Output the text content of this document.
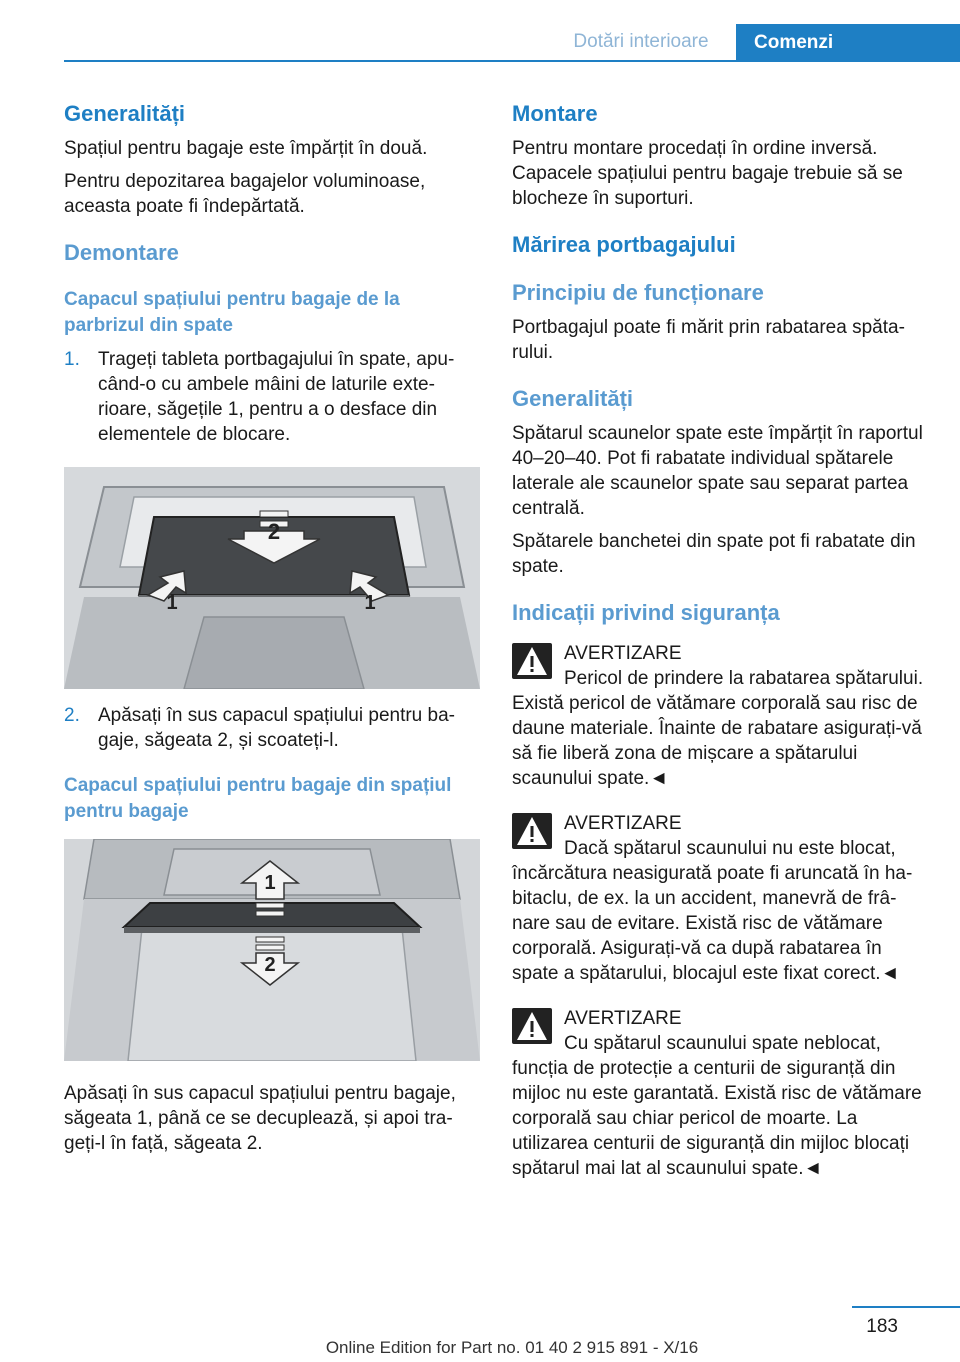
Dotări interioare	Comenzi
Generalități

Spațiul pentru bagaje este împărțit în două.

Pentru depozitarea bagajelor voluminoase, aceasta poate fi îndepărtată.

Demontare
Capacul spațiului pentru bagaje de la parbrizul din spate
1. Trageți tableta portbagajului în spate, apucând-o cu ambele mâini de laturile exterioare, săgețile 1, pentru a o desface din elementele de blocare.
2
1	1
2. Apăsați în sus capacul spațiului pentru bagaje, săgeata 2, și scoateți-l.
Capacul spațiului pentru bagaje din spațiul pentru bagaje
1
2

Apăsați în sus capacul spațiului pentru bagaje, săgeata 1, până ce se decuplează, și apoi trageți-l în față, săgeata 2.

Montare

Pentru montare procedați în ordine inversă. Capacele spațiului pentru bagaje trebuie să se blocheze în suporturi.

Mărirea portbagajului
Principiu de funcționare

Portbagajul poate fi mărit prin rabatarea spătarului.

Generalități

Spătarul scaunelor spate este împărțit în raportul 40–20–40. Pot fi rabatate individual spătarele laterale ale scaunelor spate sau separat partea centrală.

Spătarele banchetei din spate pot fi rabatate din spate.

Indicații privind siguranța
AVERTIZARE
Pericol de prindere la rabatarea spătarului. Există pericol de vătămare corporală sau risc de daune materiale. Înainte de rabatare asigurați-vă să fie liberă zona de mișcare a spătarului scaunului spate.◄
AVERTIZARE
Dacă spătarul scaunului nu este blocat, încărcătura neasigurată poate fi aruncată în habitaclu, de ex. la un accident, manevră de frânare sau de evitare. Există risc de vătămare corporală. Asigurați-vă ca după rabatarea în spate a spătarului, blocajul este fixat corect.◄
AVERTIZARE
Cu spătarul scaunului spate neblocat, funcția de protecție a centurii de siguranță din mijloc nu este garantată. Există risc de vătămare corporală sau chiar pericol de moarte. La utilizarea centurii de siguranță din mijloc blocați spătarul mai lat al scaunului spate.◄
183
Online Edition for Part no. 01 40 2 915 891 - X/16
